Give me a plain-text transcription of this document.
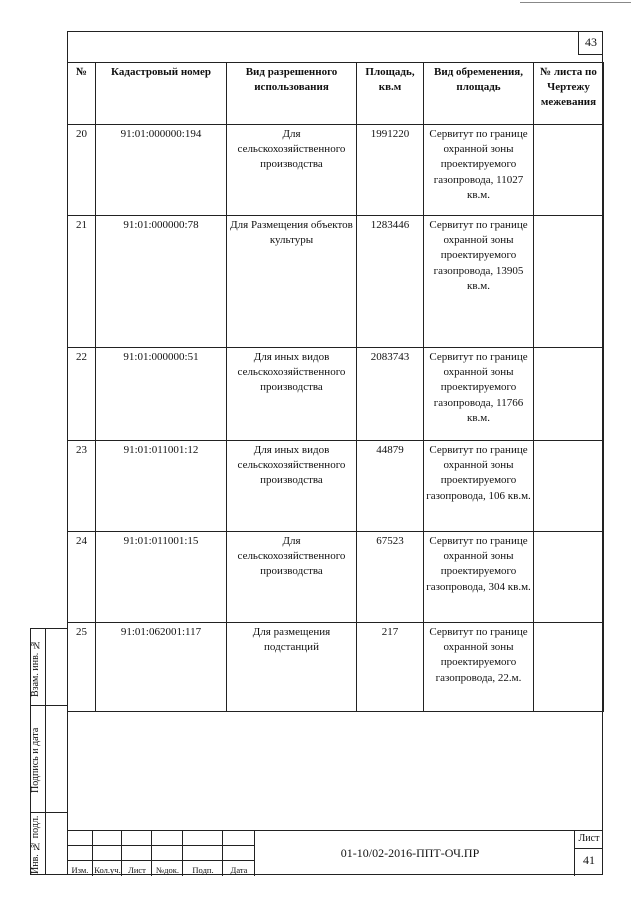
43
№	Кадастровый номер	Вид разрешенного использования	Площадь, кв.м	Вид обременения, площадь	№ листа по Чертежу межевания
20	91:01:000000:194	Для сельскохозяйственного производства	1991220	Сервитут по границе охранной зоны проектируемого газопровода, 11027 кв.м.	
21	91:01:000000:78	Для Размещения объектов культуры	1283446	Сервитут по границе охранной зоны проектируемого газопровода, 13905 кв.м.	
22	91:01:000000:51	Для иных видов сельскохозяйственного производства	2083743	Сервитут по границе охранной зоны проектируемого газопровода, 11766 кв.м.	
23	91:01:011001:12	Для иных видов сельскохозяйственного производства	44879	Сервитут по границе охранной зоны проектируемого газопровода, 106 кв.м.	
24	91:01:011001:15	Для сельскохозяйственного производства	67523	Сервитут по границе охранной зоны проектируемого газопровода, 304 кв.м.	
25	91:01:062001:117	Для размещения подстанций	217	Сервитут по границе охранной зоны проектируемого газопровода, 22.м.	
Взам. инв. №
Подпись и дата
Инв. № подл.	Изм. Кол.уч. Лист	№док.	Подп.	Дата
01-10/02-2016-ППТ-ОЧ.ПР
Лист
41
